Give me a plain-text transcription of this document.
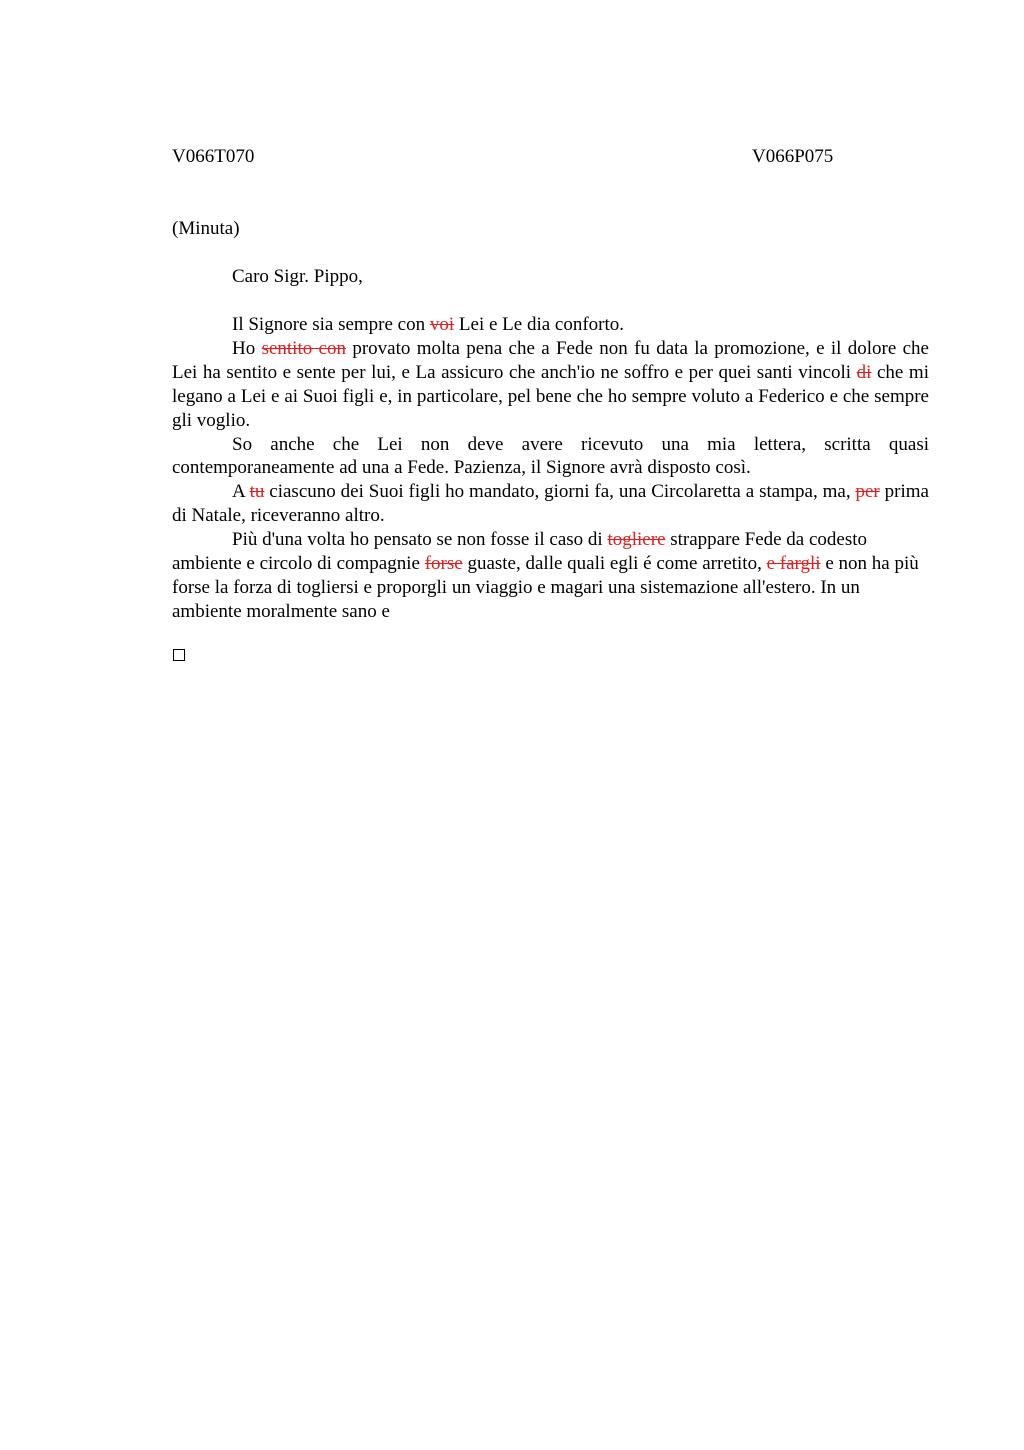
V066T070	V066P075
(Minuta)
Caro Sigr. Pippo,

Il Signore sia sempre con voi Lei e Le dia conforto.

Ho sentito con provato molta pena che a Fede non fu data la promozione, e il dolore che Lei ha sentito e sente per lui, e La assicuro che anch'io ne soffro e per quei santi vincoli di che mi legano a Lei e ai Suoi figli e, in particolare, pel bene che ho sempre voluto a Federico e che sempre gli voglio.

So anche che Lei non deve avere ricevuto una mia lettera, scritta quasi contemporaneamente ad una a Fede. Pazienza, il Signore avrà disposto così.

A tu ciascuno dei Suoi figli ho mandato, giorni fa, una Circolaretta a stampa, ma, per prima di Natale, riceveranno altro.

Più d'una volta ho pensato se non fosse il caso di togliere strappare Fede da codesto ambiente e circolo di compagnie forse guaste, dalle quali egli é come arretito, e fargli e non ha più forse la forza di togliersi e proporgli un viaggio e magari una sistemazione all'estero. In un ambiente moralmente sano e
